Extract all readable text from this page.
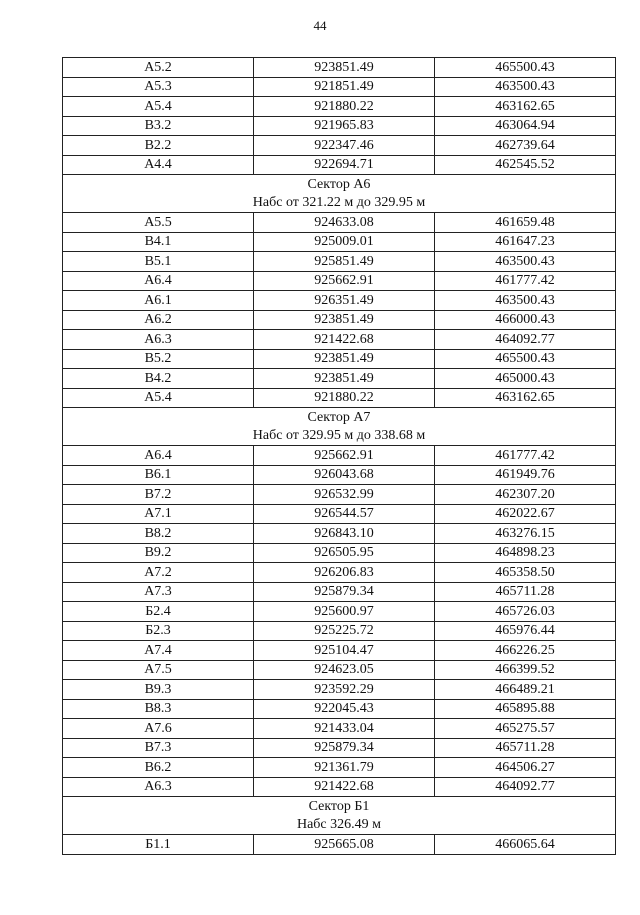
44
А5.2	923851.49	465500.43
А5.3	921851.49	463500.43
А5.4	921880.22	463162.65
В3.2	921965.83	463064.94
В2.2	922347.46	462739.64
А4.4	922694.71	462545.52
Сектор А6		
Набс от 321.22 м до 329.95 м		
А5.5	924633.08	461659.48
В4.1	925009.01	461647.23
В5.1	925851.49	463500.43
А6.4	925662.91	461777.42
А6.1	926351.49	463500.43
А6.2	923851.49	466000.43
А6.3	921422.68	464092.77
В5.2	923851.49	465500.43
В4.2	923851.49	465000.43
А5.4	921880.22	463162.65
Сектор А7		
Набс от 329.95 м до 338.68 м		
А6.4	925662.91	461777.42
В6.1	926043.68	461949.76
В7.2	926532.99	462307.20
А7.1	926544.57	462022.67
В8.2	926843.10	463276.15
В9.2	926505.95	464898.23
А7.2	926206.83	465358.50
А7.3	925879.34	465711.28
Б2.4	925600.97	465726.03
Б2.3	925225.72	465976.44
А7.4	925104.47	466226.25
А7.5	924623.05	466399.52
В9.3	923592.29	466489.21
В8.3	922045.43	465895.88
А7.6	921433.04	465275.57
В7.3	925879.34	465711.28
В6.2	921361.79	464506.27
А6.3	921422.68	464092.77
Сектор Б1		
Набс 326.49 м		
Б1.1	925665.08	466065.64
